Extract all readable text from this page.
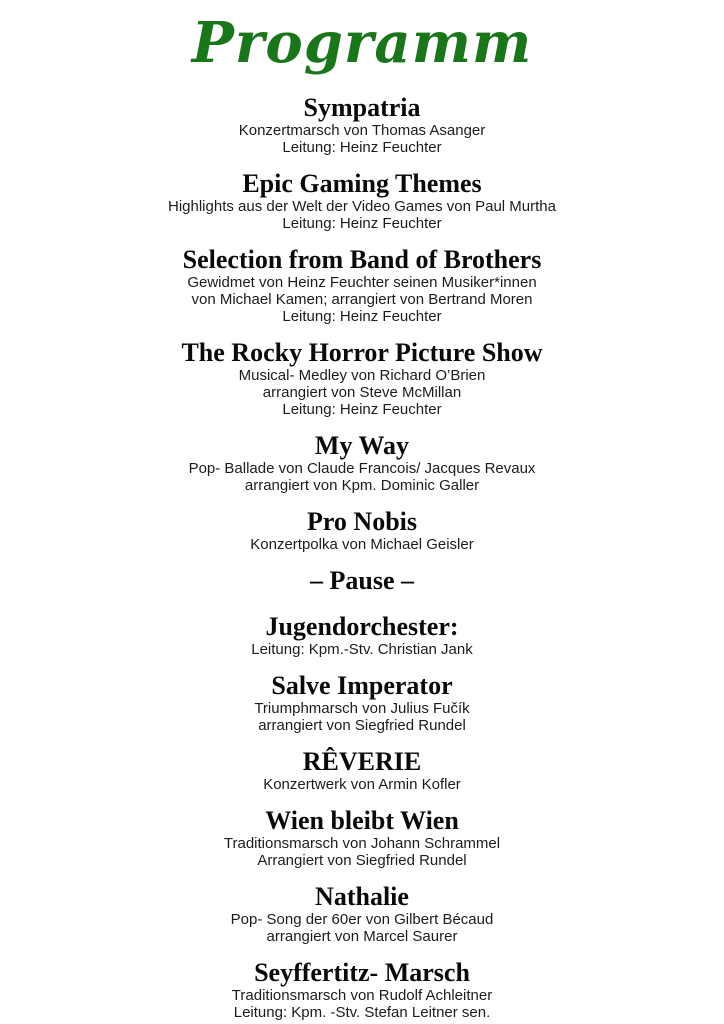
Programm
Sympatria
Konzertmarsch von Thomas Asanger
Leitung: Heinz Feuchter
Epic Gaming Themes
Highlights aus der Welt der Video Games von Paul Murtha
Leitung: Heinz Feuchter
Selection from Band of Brothers
Gewidmet von Heinz Feuchter seinen Musiker*innen
von Michael Kamen; arrangiert von Bertrand Moren
Leitung: Heinz Feuchter
The Rocky Horror Picture Show
Musical- Medley von Richard O’Brien
arrangiert von Steve McMillan
Leitung: Heinz Feuchter
My Way
Pop- Ballade von Claude Francois/ Jacques Revaux
arrangiert von Kpm. Dominic Galler
Pro Nobis
Konzertpolka von Michael Geisler
– Pause –
Jugendorchester:
Leitung: Kpm.-Stv. Christian Jank
Salve Imperator
Triumphmarsch von Julius Fučík
arrangiert von Siegfried Rundel
RÊVERIE
Konzertwerk von Armin Kofler
Wien bleibt Wien
Traditionsmarsch von Johann Schrammel
Arrangiert von Siegfried Rundel
Nathalie
Pop- Song der 60er von Gilbert Bécaud
arrangiert von Marcel Saurer
Seyffertitz- Marsch
Traditionsmarsch von Rudolf Achleitner
Leitung: Kpm. -Stv. Stefan Leitner sen.
